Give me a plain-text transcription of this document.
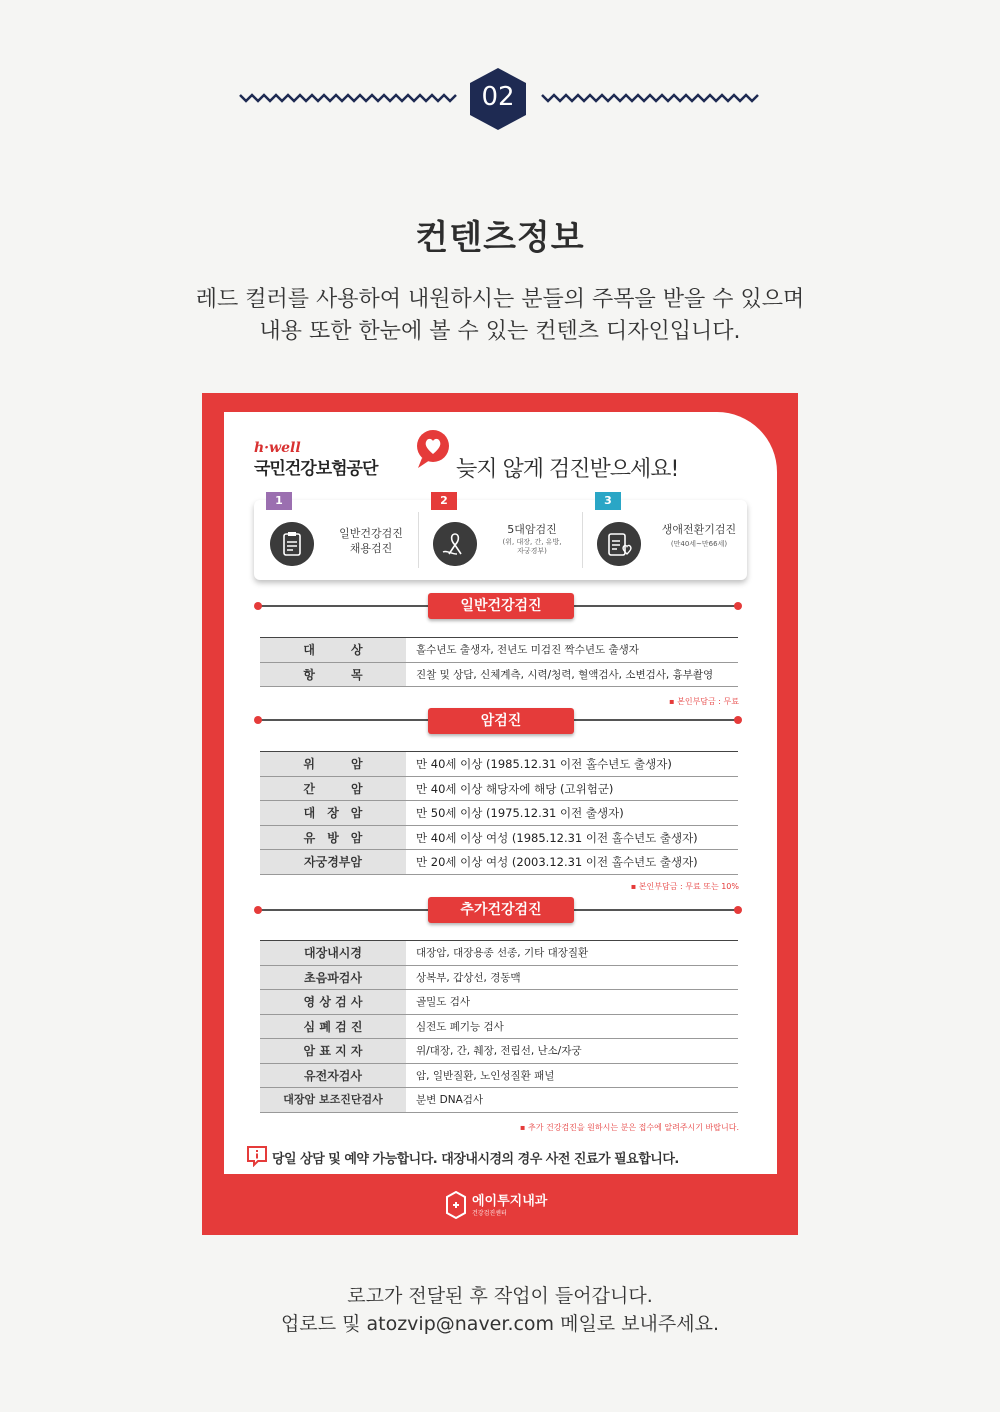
02
컨텐츠정보
레드 컬러를 사용하여 내원하시는 분들의 주목을 받을 수 있으며
내용 또한 한눈에 볼 수 있는 컨텐츠 디자인입니다.
h·well
국민건강보험공단	늦지 않게 검진받으세요!
1
일반건강검진
채용검진
2
5대암검진
(위, 대장, 간, 유방, 자궁경부)
3
생애전환기검진
(만40세~만66세)
일반건강검진
대　　　상	홀수년도 출생자, 전년도 미검진 짝수년도 출생자
항　　　목	진찰 및 상담, 신체계측, 시력/청력, 혈액검사, 소변검사, 흉부촬영
▪ 본인부담금 : 무료
암검진
위　　　암	만 40세 이상 (1985.12.31 이전 홀수년도 출생자)
간　　　암	만 40세 이상 해당자에 해당 (고위험군)
대　장　암	만 50세 이상 (1975.12.31 이전 출생자)
유　방　암	만 40세 이상 여성 (1985.12.31 이전 홀수년도 출생자)
자궁경부암	만 20세 이상 여성 (2003.12.31 이전 홀수년도 출생자)
▪ 본인부담금 : 무료 또는 10%
추가건강검진
대장내시경	대장암, 대장용종 선종, 기타 대장질환
초음파검사	상복부, 갑상선, 경동맥
영 상 검 사	골밀도 검사
심 폐 검 진	심전도 폐기능 검사
암 표 지 자	위/대장, 간, 췌장, 전립선, 난소/자궁
유전자검사	암, 일반질환, 노인성질환 패널
대장암 보조진단검사	분변 DNA검사
▪ 추가 건강검진을 원하시는 분은 접수에 알려주시기 바랍니다.
당일 상담 및 예약 가능합니다. 대장내시경의 경우 사전 진료가 필요합니다.
에이투지내과
건강검진센터
로고가 전달된 후 작업이 들어갑니다.
업로드 및 atozvip@naver.com 메일로 보내주세요.
